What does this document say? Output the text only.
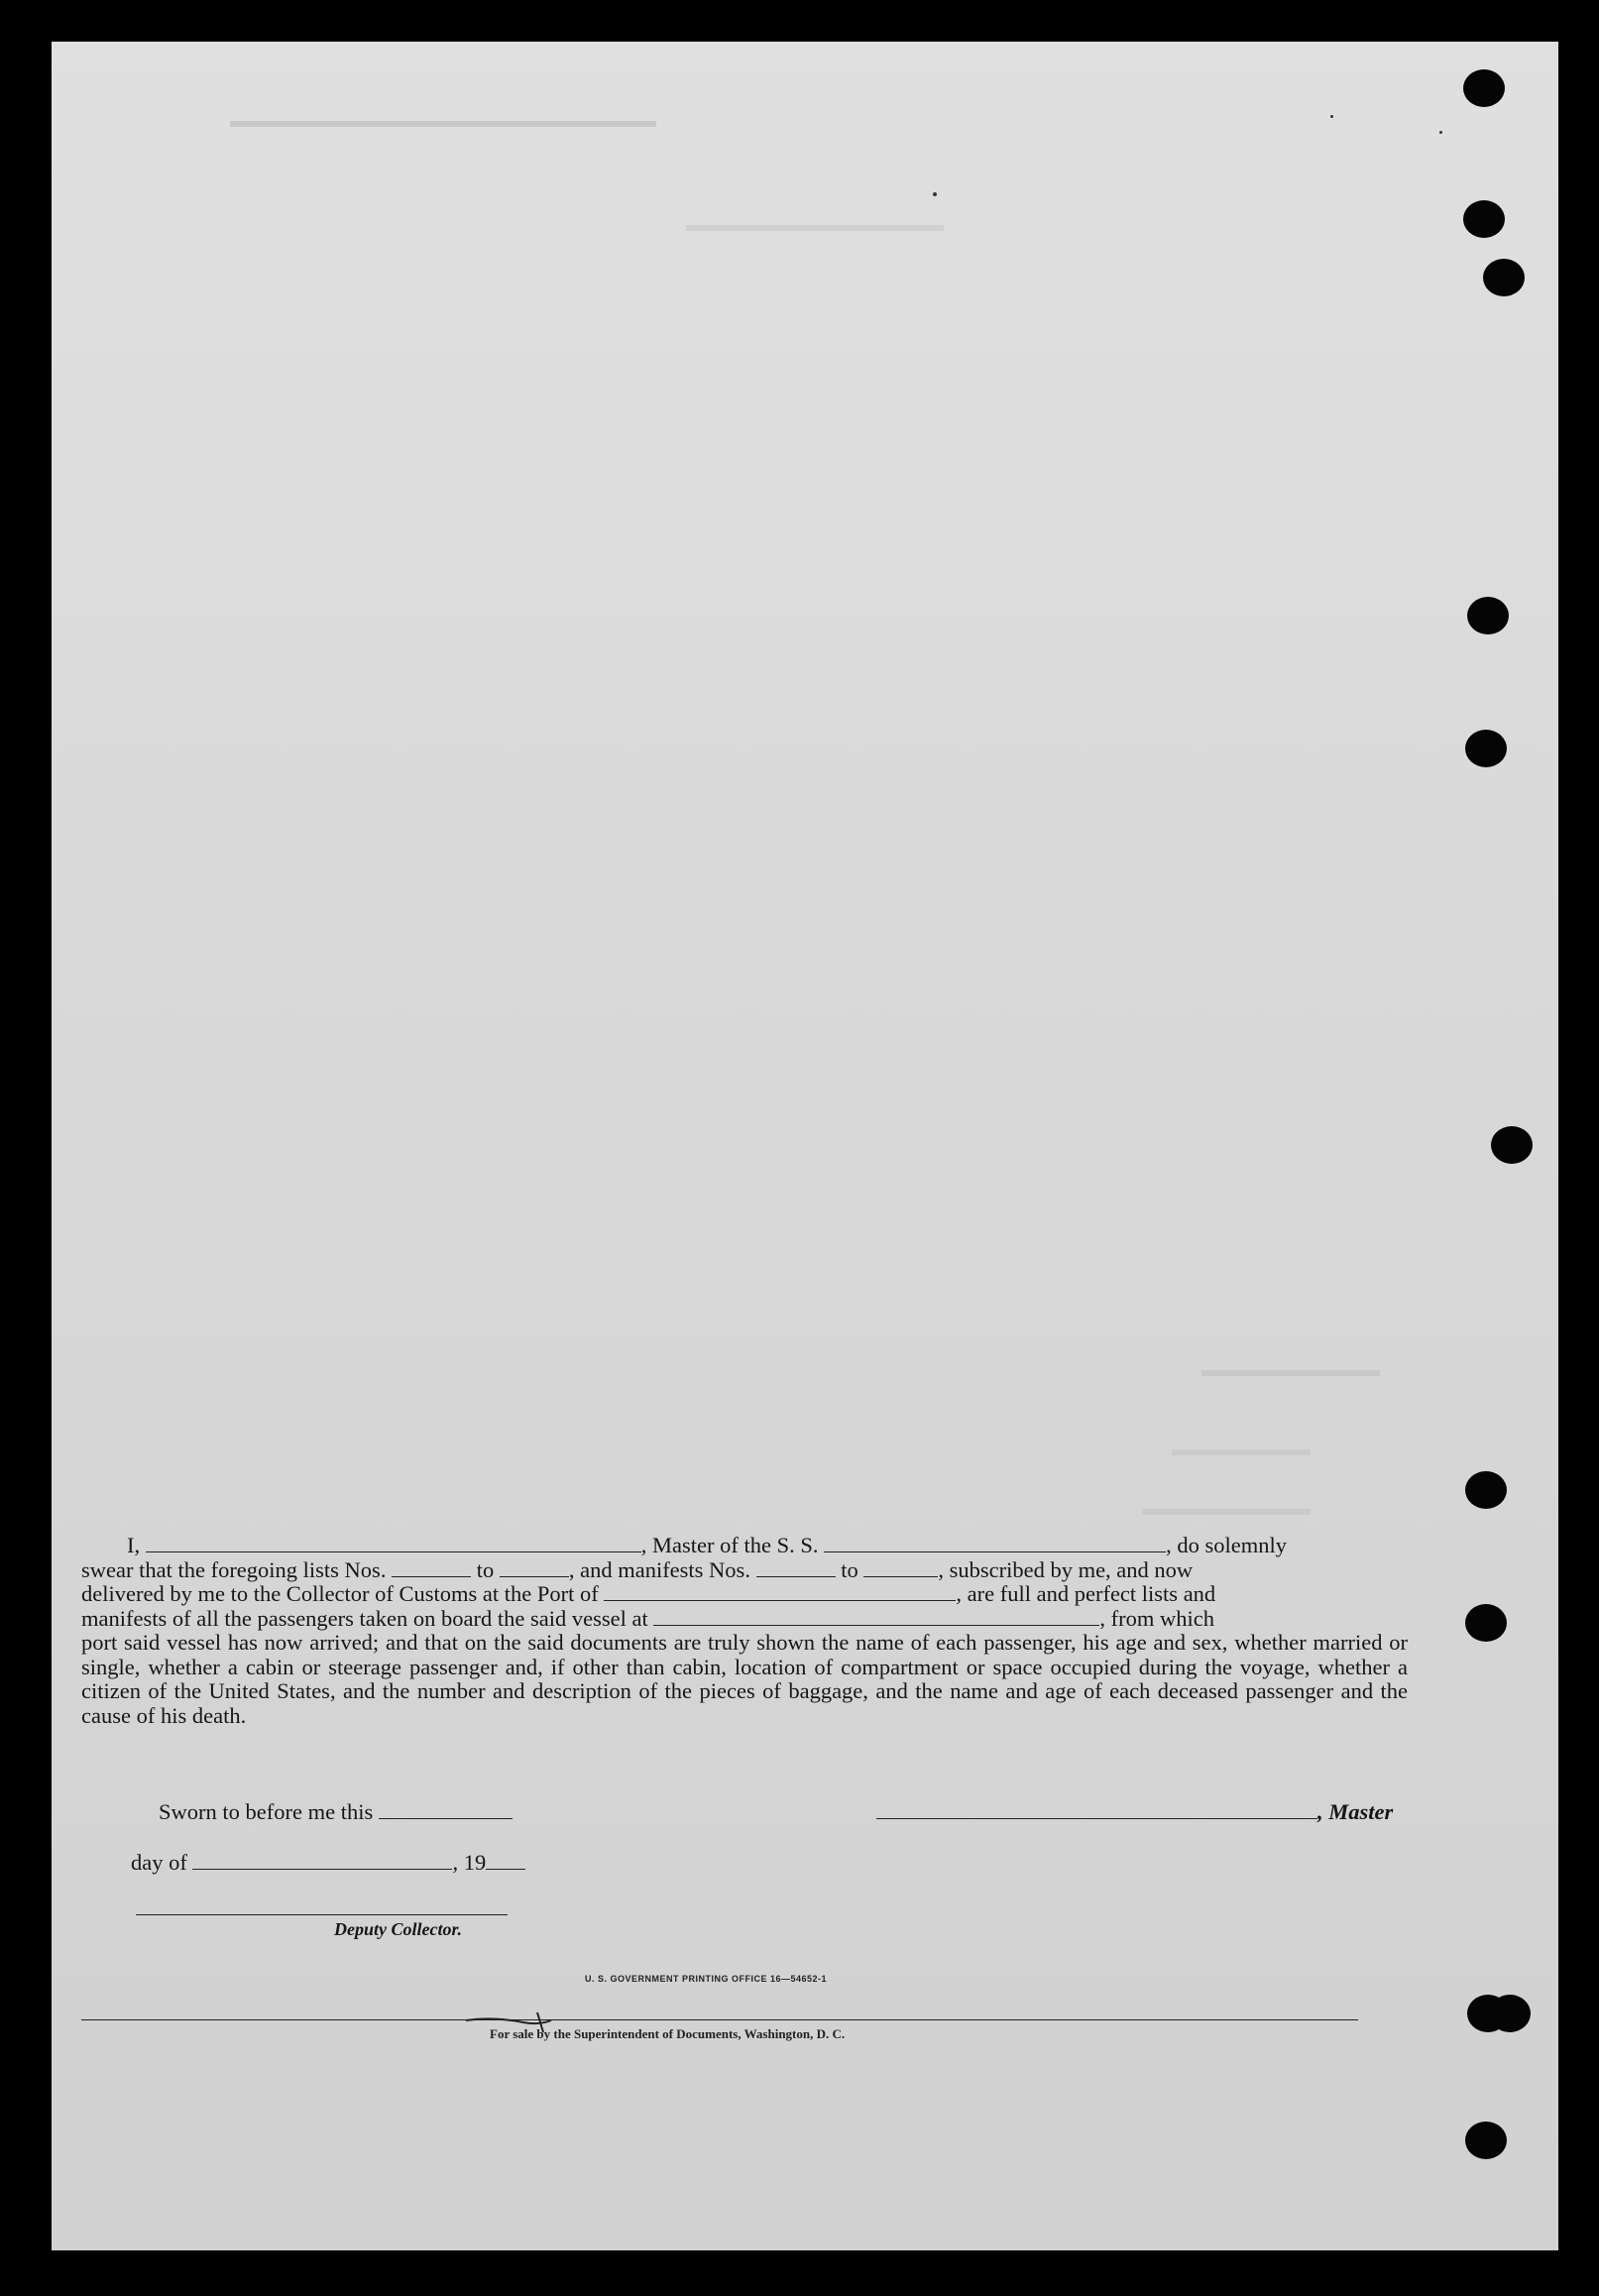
I,	, Master of the S. S.	, do solemnly

swear that the foregoing lists Nos.	to	, and manifests Nos.	to	, subscribed by me, and now
delivered by me to the Collector of Customs at the Port of	, are full and perfect lists and
manifests of all the passengers taken on board the said vessel at	, from which
port said vessel has now arrived; and that on the said documents are truly shown the name of each passenger, his age and sex, whether married or single, whether a cabin or steerage passenger and, if other than cabin, location of compartment or space occupied during the voyage, whether a citizen of the United States, and the number and description of the pieces of baggage, and the name and age of each deceased passenger and the cause of his death.
Sworn to before me this	, Master
day of	, 19
Deputy Collector.
U. S. GOVERNMENT PRINTING OFFICE 16—54652-1
For sale by the Superintendent of Documents, Washington, D. C.
